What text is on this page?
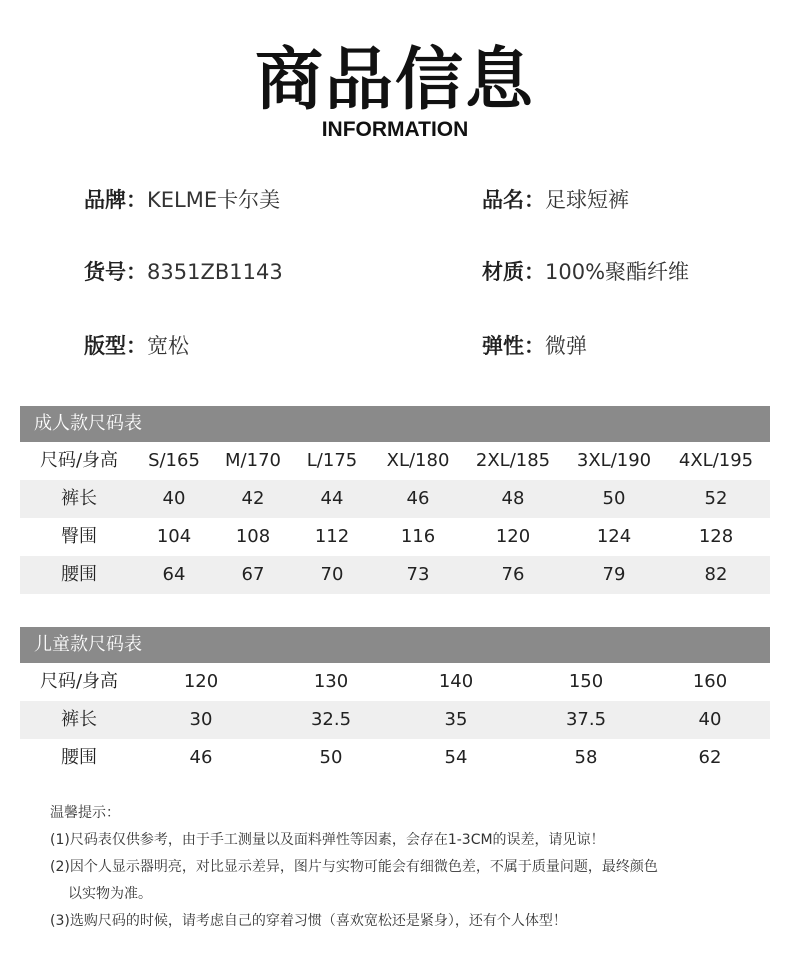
商品信息
INFORMATION
品牌：KELME卡尔美	品名：足球短裤
货号：8351ZB1143	材质：100%聚酯纤维
版型：宽松	弹性：微弹
成人款尺码表
尺码/身高 S/165 M/170 L/175 XL/180 2XL/185 3XL/190 4XL/195
裤长	40	42	44	46	48	50	52
臀围	104 108 112	116	120	124	128
腰围	64	67	70	73	76	79	82
儿童款尺码表
尺码/身高	120	130	140	150	160
裤长	30	32.5	35	37.5	40
腰围	46	50	54	58	62
温馨提示：
(1)尺码表仅供参考，由于手工测量以及面料弹性等因素，会存在1-3CM的误差，请见谅！
(2)因个人显示器明亮，对比显示差异，图片与实物可能会有细微色差，不属于质量问题，最终颜色
以实物为准。
(3)选购尺码的时候，请考虑自己的穿着习惯（喜欢宽松还是紧身），还有个人体型！
